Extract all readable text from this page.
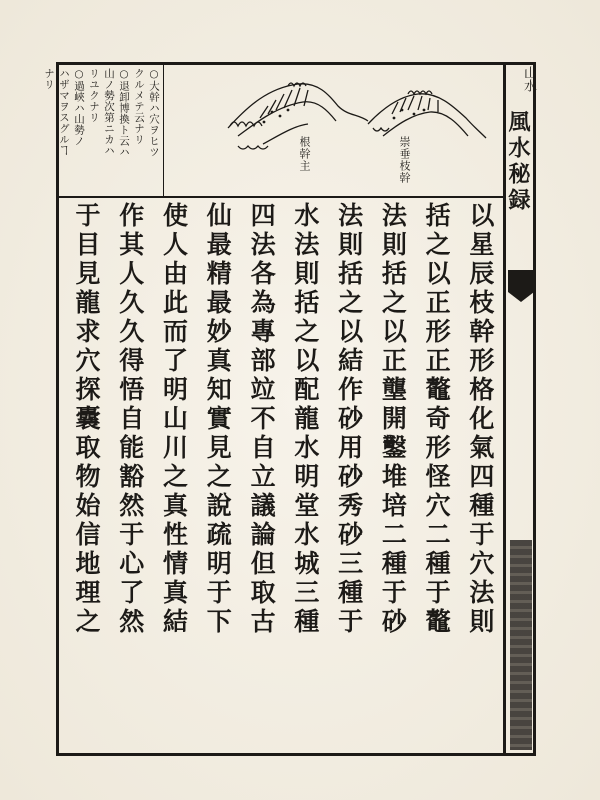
山水
風水秘録
○大幹ハ穴ヲヒツ
クルメテ云ナリ
○退卸博換ト云ハ
山ノ勢次第ニカハ
リユクナリ
○過峽ハ山勢ノ
ハザマヲスグルヿ
ナリ
崇垂枝幹
根幹主
以星辰枝幹形格化氣四種于穴法則
括之以正形正鼇奇形怪穴二種于鼇
法則括之以正壟開鑿堆培二種于砂
法則括之以結作砂用砂秀砂三種于
水法則括之以配龍水明堂水城三種
四法各為專部竝不自立議論但取古
仙最精最妙真知實見之說疏明于下
使人由此而了明山川之真性情真結
作其人久久得悟自能豁然于心了然
于目見龍求穴探囊取物始信地理之
